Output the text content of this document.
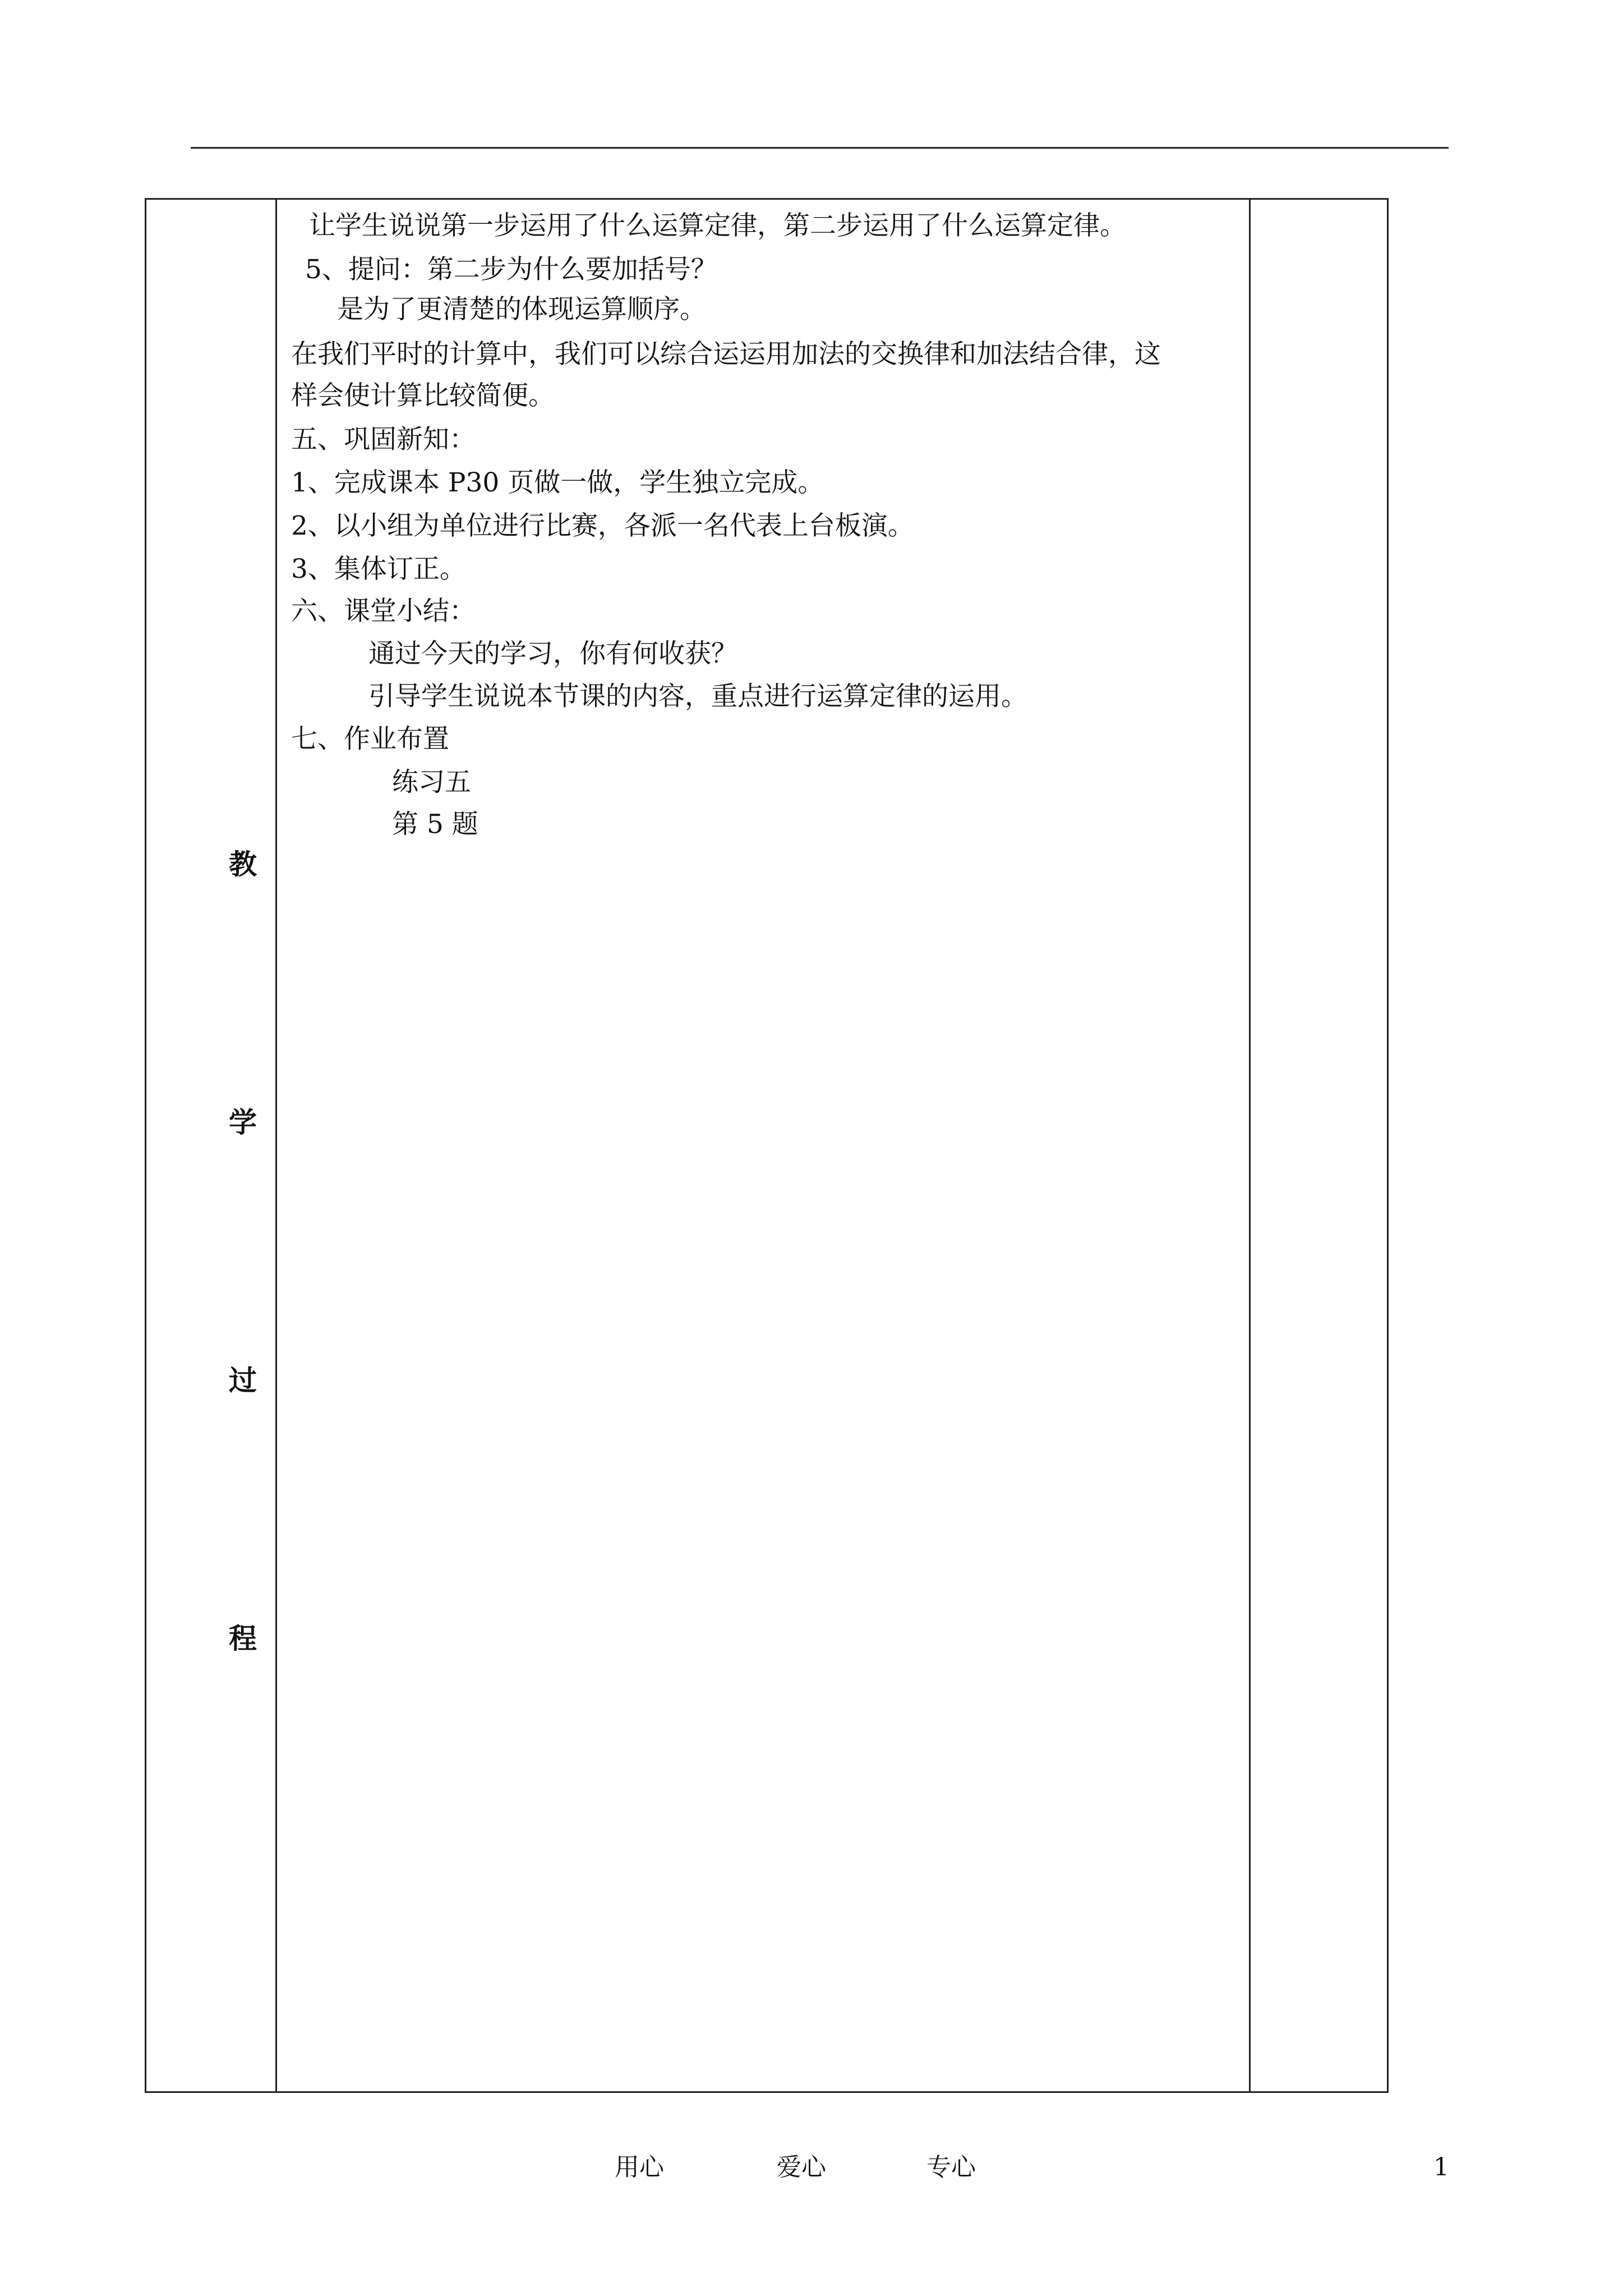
教
学
过
程
让学生说说第一步运用了什么运算定律，第二步运用了什么运算定律。
5、提问：第二步为什么要加括号？
是为了更清楚的体现运算顺序。
在我们平时的计算中，我们可以综合运运用加法的交换律和加法结合律，这
样会使计算比较简便。
五、巩固新知：
1、完成课本 P30 页做一做，学生独立完成。
2、以小组为单位进行比赛，各派一名代表上台板演。
3、集体订正。
六、课堂小结：
通过今天的学习，你有何收获？
引导学生说说本节课的内容，重点进行运算定律的运用。
七、作业布置
练习五
第 5 题
用心	爱心	专心	1
